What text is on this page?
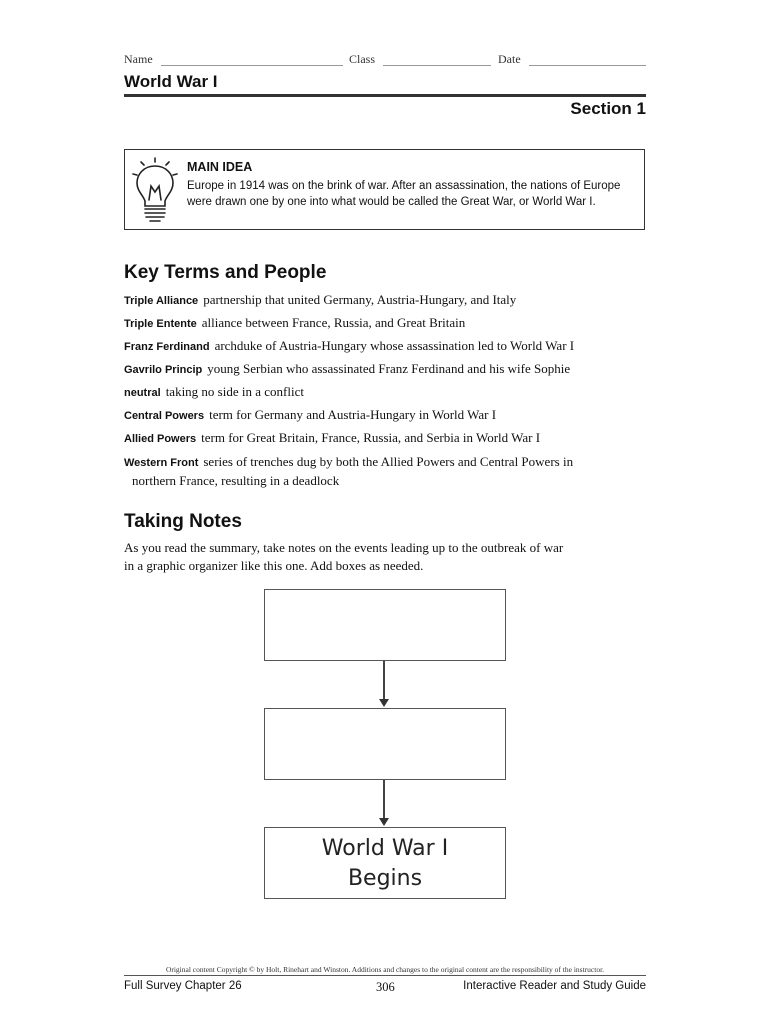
Name	Class	Date
World War I
Section 1
MAIN IDEA
Europe in 1914 was on the brink of war. After an assassination, the nations of Europe were drawn one by one into what would be called the Great War, or World War I.
Key Terms and People
Triple Alliance partnership that united Germany, Austria-Hungary, and Italy
Triple Entente alliance between France, Russia, and Great Britain
Franz Ferdinand archduke of Austria-Hungary whose assassination led to World War I
Gavrilo Princip young Serbian who assassinated Franz Ferdinand and his wife Sophie
neutral taking no side in a conflict
Central Powers term for Germany and Austria-Hungary in World War I
Allied Powers term for Great Britain, France, Russia, and Serbia in World War I
Western Front series of trenches dug by both the Allied Powers and Central Powers in
northern France, resulting in a deadlock
Taking Notes
As you read the summary, take notes on the events leading up to the outbreak of war in a graphic organizer like this one. Add boxes as needed.
World War I
Begins
Original content Copyright © by Holt, Rinehart and Winston. Additions and changes to the original content are the responsibility of the instructor.
Full Survey Chapter 26	306	Interactive Reader and Study Guide
